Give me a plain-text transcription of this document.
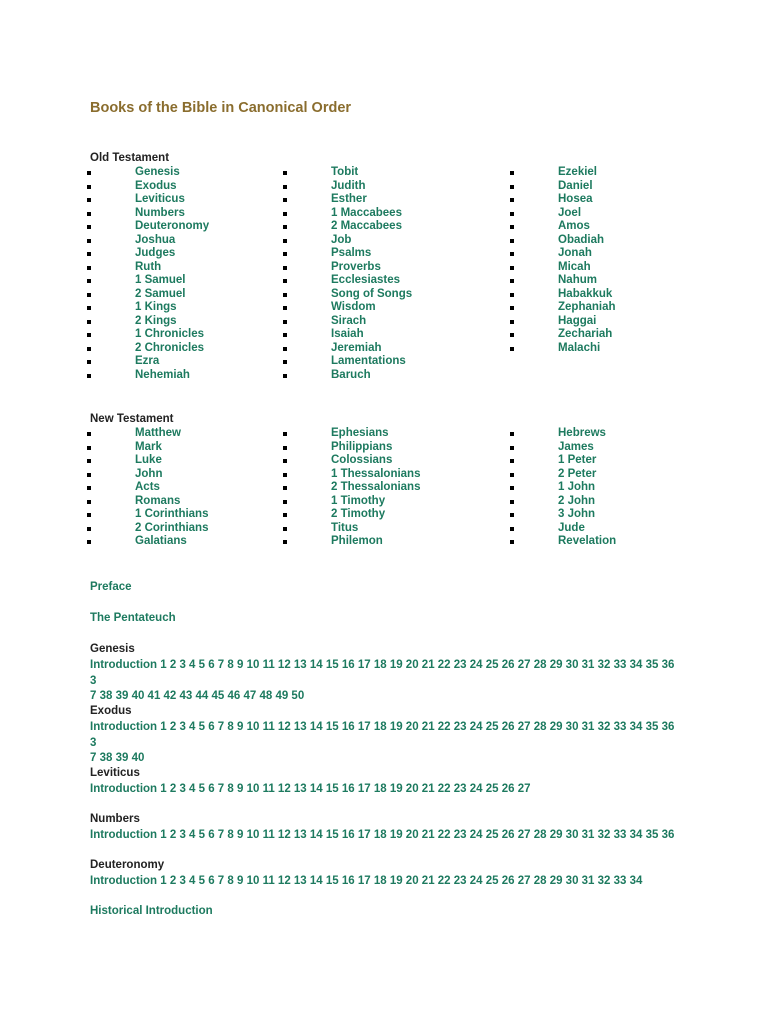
Books of the Bible in Canonical Order
Old Testament
Genesis
Exodus
Leviticus
Numbers
Deuteronomy
Joshua
Judges
Ruth
1 Samuel
2 Samuel
1 Kings
2 Kings
1 Chronicles
2 Chronicles
Ezra
Nehemiah
Tobit
Judith
Esther
1 Maccabees
2 Maccabees
Job
Psalms
Proverbs
Ecclesiastes
Song of Songs
Wisdom
Sirach
Isaiah
Jeremiah
Lamentations
Baruch
Ezekiel
Daniel
Hosea
Joel
Amos
Obadiah
Jonah
Micah
Nahum
Habakkuk
Zephaniah
Haggai
Zechariah
Malachi
New Testament
Matthew
Mark
Luke
John
Acts
Romans
1 Corinthians
2 Corinthians
Galatians
Ephesians
Philippians
Colossians
1 Thessalonians
2 Thessalonians
1 Timothy
2 Timothy
Titus
Philemon
Hebrews
James
1 Peter
2 Peter
1 John
2 John
3 John
Jude
Revelation
Preface
The Pentateuch
Genesis
Introduction 1 2 3 4 5 6 7 8 9 10 11 12 13 14 15 16 17 18 19 20 21 22 23 24 25 26 27 28 29 30 31 32 33 34 35 36 3
7 38 39 40 41 42 43 44 45 46 47 48 49 50
Exodus
Introduction 1 2 3 4 5 6 7 8 9 10 11 12 13 14 15 16 17 18 19 20 21 22 23 24 25 26 27 28 29 30 31 32 33 34 35 36 3
7 38 39 40
Leviticus
Introduction 1 2 3 4 5 6 7 8 9 10 11 12 13 14 15 16 17 18 19 20 21 22 23 24 25 26 27
Numbers
Introduction 1 2 3 4 5 6 7 8 9 10 11 12 13 14 15 16 17 18 19 20 21 22 23 24 25 26 27 28 29 30 31 32 33 34 35 36
Deuteronomy
Introduction 1 2 3 4 5 6 7 8 9 10 11 12 13 14 15 16 17 18 19 20 21 22 23 24 25 26 27 28 29 30 31 32 33 34
Historical Introduction
